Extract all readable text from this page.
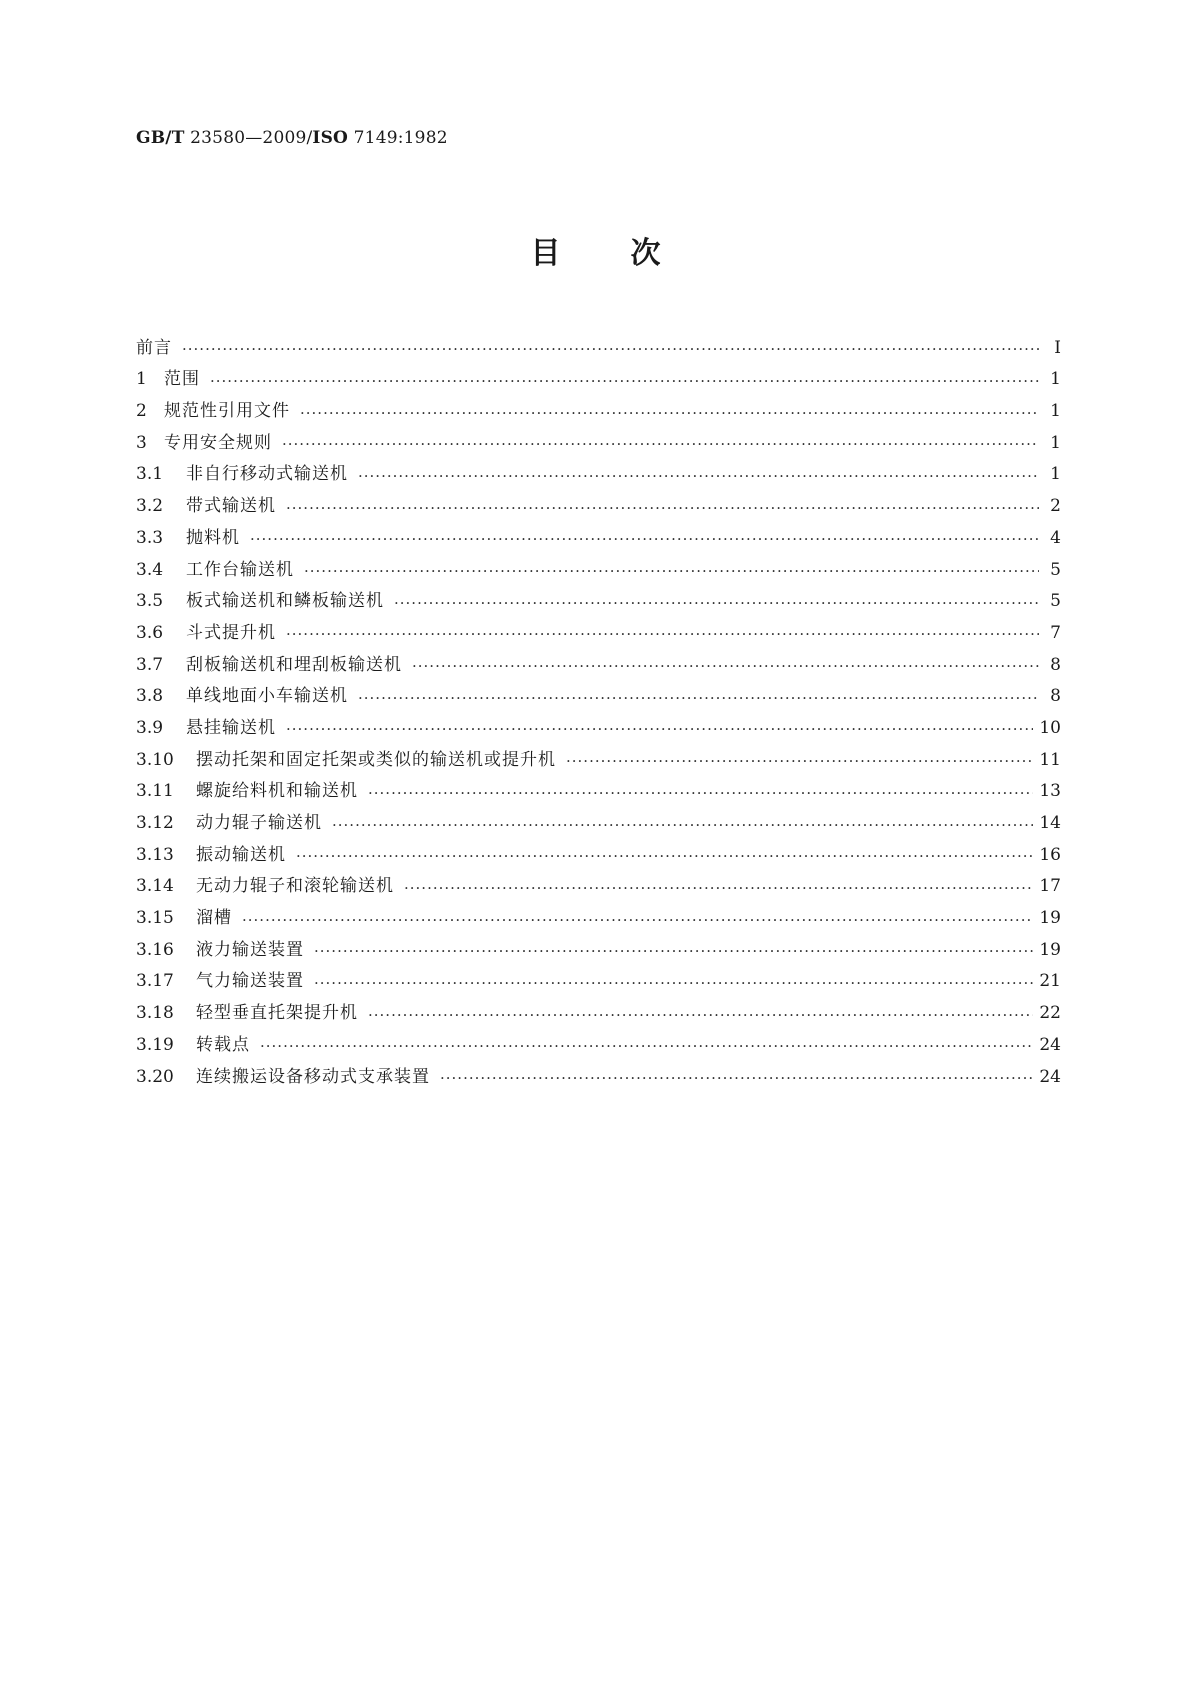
GB/T 23580—2009/ISO 7149:1982
目 次
前言 ·····	Ⅰ
1	范围 ·····	1
2	规范性引用文件 ·····	1
3	专用安全规则 ·····	1
3.1	非自行移动式输送机 ·····	1
3.2	带式输送机 ·····	2
3.3	抛料机 ·····	4
3.4	工作台输送机 ·····	5
3.5	板式输送机和鳞板输送机 ·····	5
3.6	斗式提升机 ·····	7
3.7	刮板输送机和埋刮板输送机 ·····	8
3.8	单线地面小车输送机 ·····	8
3.9	悬挂输送机 ·····	10
3.10	摆动托架和固定托架或类似的输送机或提升机 ·····	11
3.11	螺旋给料机和输送机 ·····	13
3.12	动力辊子输送机 ·····	14
3.13	振动输送机 ·····	16
3.14	无动力辊子和滚轮输送机 ·····	17
3.15	溜槽 ·····	19
3.16	液力输送装置 ·····	19
3.17	气力输送装置 ·····	21
3.18	轻型垂直托架提升机 ·····	22
3.19	转载点 ·····	24
3.20	连续搬运设备移动式支承装置 ·····	24
